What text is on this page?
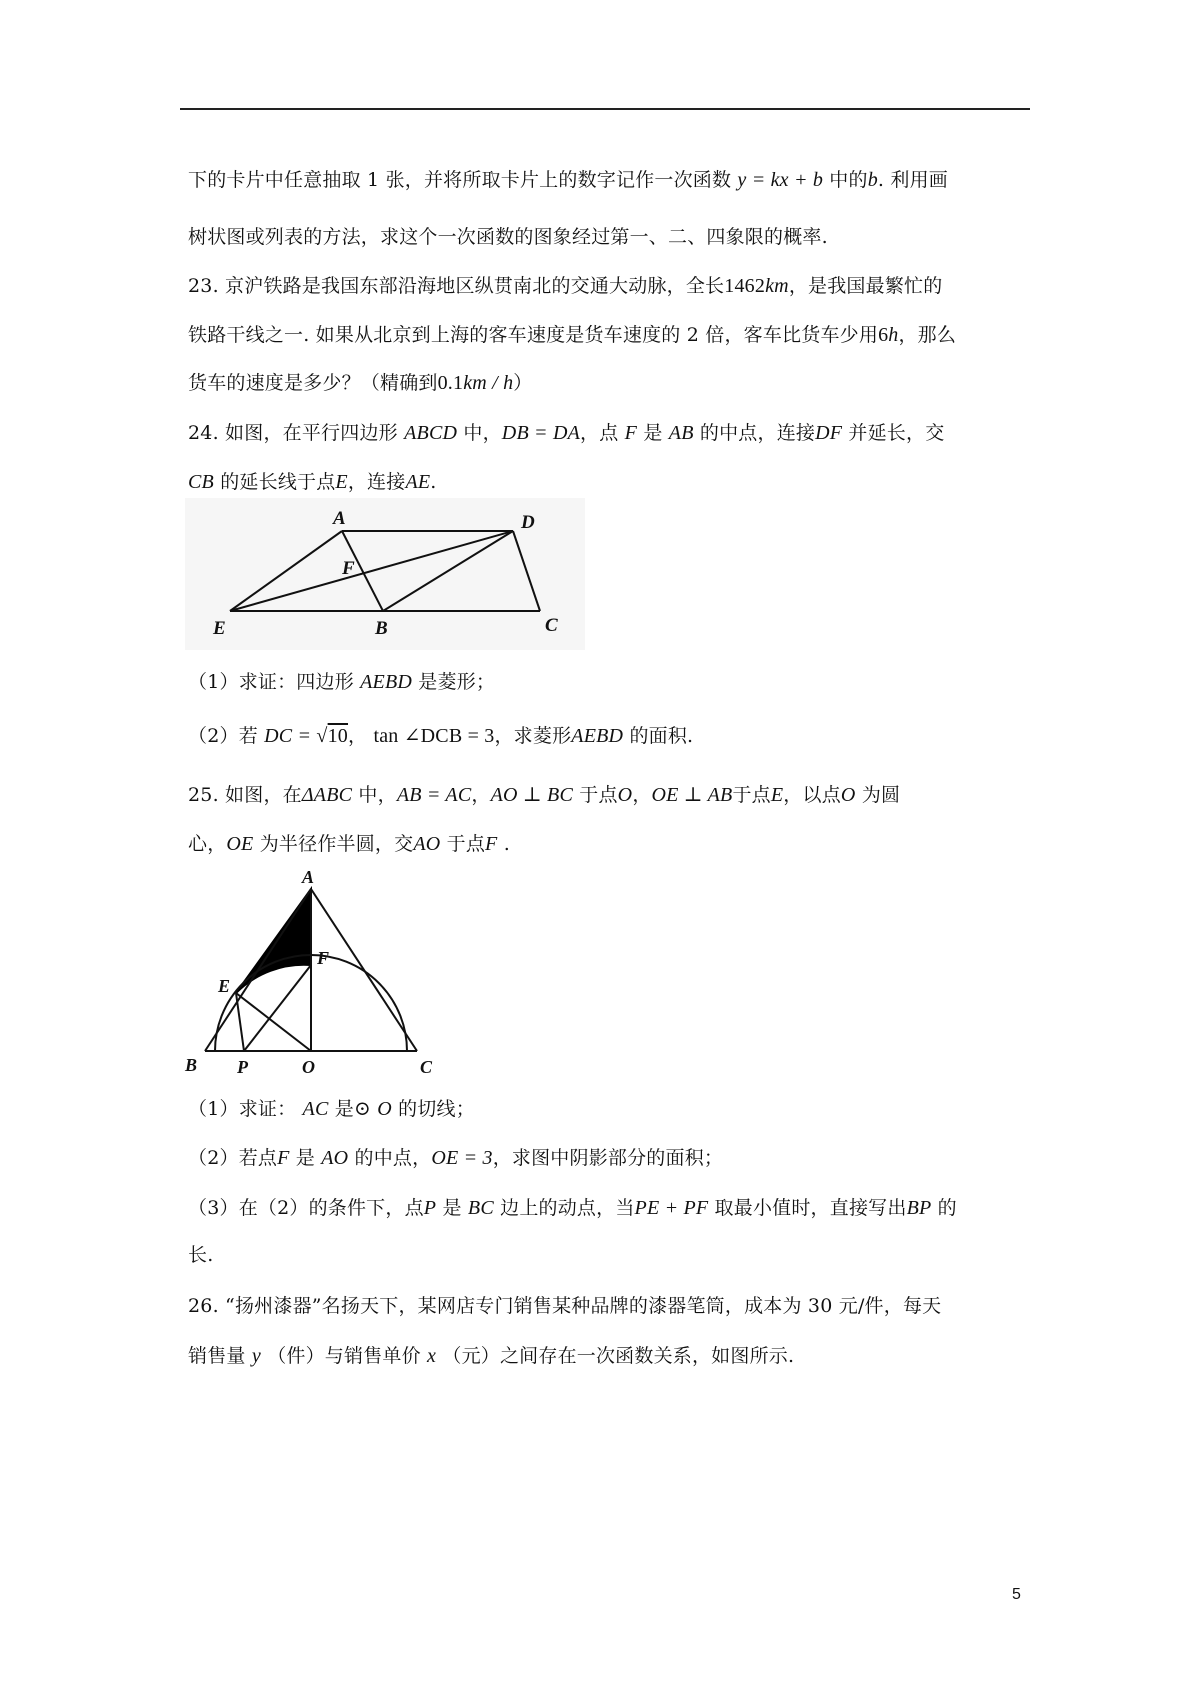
下的卡片中任意抽取 1 张，并将所取卡片上的数字记作一次函数 y = kx + b 中的b. 利用画
树状图或列表的方法，求这个一次函数的图象经过第一、二、四象限的概率.
23. 京沪铁路是我国东部沿海地区纵贯南北的交通大动脉，全长1462km，是我国最繁忙的
铁路干线之一. 如果从北京到上海的客车速度是货车速度的 2 倍，客车比货车少用6h，那么
货车的速度是多少？（精确到0.1km / h）
24. 如图，在平行四边形 ABCD 中，DB = DA，点 F 是 AB 的中点，连接DF 并延长，交
CB 的延长线于点E，连接AE.
A	D
F
E	B	C
（1）求证：四边形 AEBD 是菱形；
（2）若 DC = √10， tan ∠DCB = 3，求菱形AEBD 的面积.
25. 如图，在ΔABC 中，AB = AC，AO ⊥ BC 于点O，OE ⊥ AB于点E，以点O 为圆
心，OE 为半径作半圆，交AO 于点F .
A
F
E
B P	O	C
（1）求证： AC 是⊙ O 的切线；
（2）若点F 是 AO 的中点，OE = 3，求图中阴影部分的面积；
（3）在（2）的条件下，点P 是 BC 边上的动点，当PE + PF 取最小值时，直接写出BP 的
长.
26. “扬州漆器”名扬天下，某网店专门销售某种品牌的漆器笔筒，成本为 30 元/件，每天
销售量 y （件）与销售单价 x （元）之间存在一次函数关系，如图所示.
5
